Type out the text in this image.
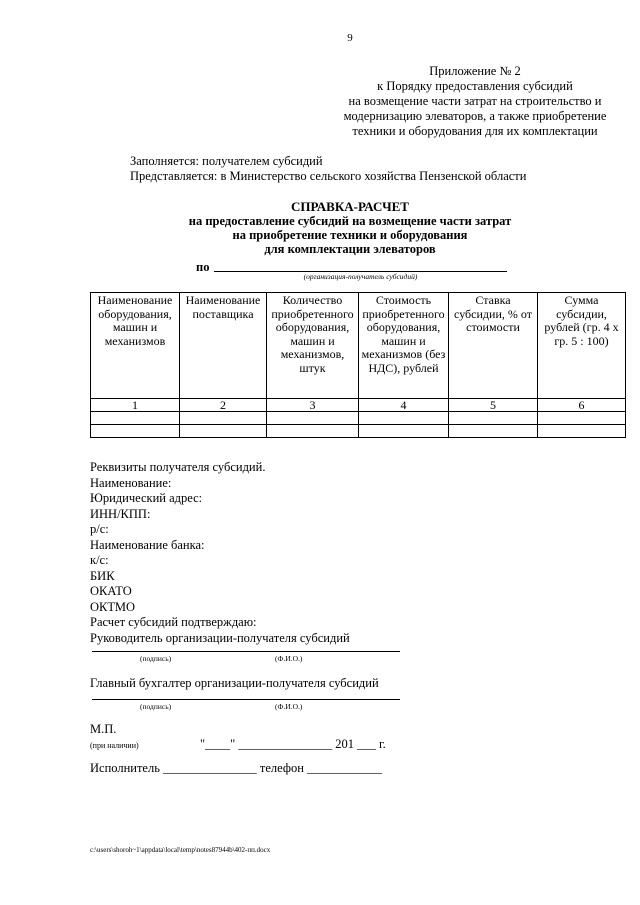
9
Приложение № 2
к Порядку предоставления субсидий
на возмещение части затрат на строительство и
модернизацию элеваторов, а также приобретение
техники и оборудования для их комплектации
Заполняется: получателем субсидий
Представляется: в Министерство сельского хозяйства Пензенской области
СПРАВКА-РАСЧЕТ
на предоставление субсидий на возмещение части затрат
на приобретение техники и оборудования
для комплектации элеваторов
по
(организация-получатель субсидий)
Наименование оборудования, машин и механизмов	Наименование поставщика	Количество приобретенного оборудования, машин и механизмов, штук	Стоимость приобретенного оборудования, машин и механизмов (без НДС), рублей	Ставка субсидии, % от стоимости	Сумма субсидии, рублей (гр. 4 х гр. 5 : 100)
1	2	3	4	5	6

Реквизиты получателя субсидий.
Наименование:
Юридический адрес:
ИНН/КПП:
р/с:
Наименование банка:
к/с:
БИК
ОКАТО
ОКТМО
Расчет субсидий подтверждаю:
Руководитель организации-получателя субсидий
(подпись)	(Ф.И.О.)
Главный бухгалтер организации-получателя субсидий
(подпись)	(Ф.И.О.)
М.П.
(при наличии)	"____" _______________ 201 ___ г.
Исполнитель _______________ телефон ____________
c:\users\shoroh~1\appdata\local\temp\notes87944b\402-пп.docx
